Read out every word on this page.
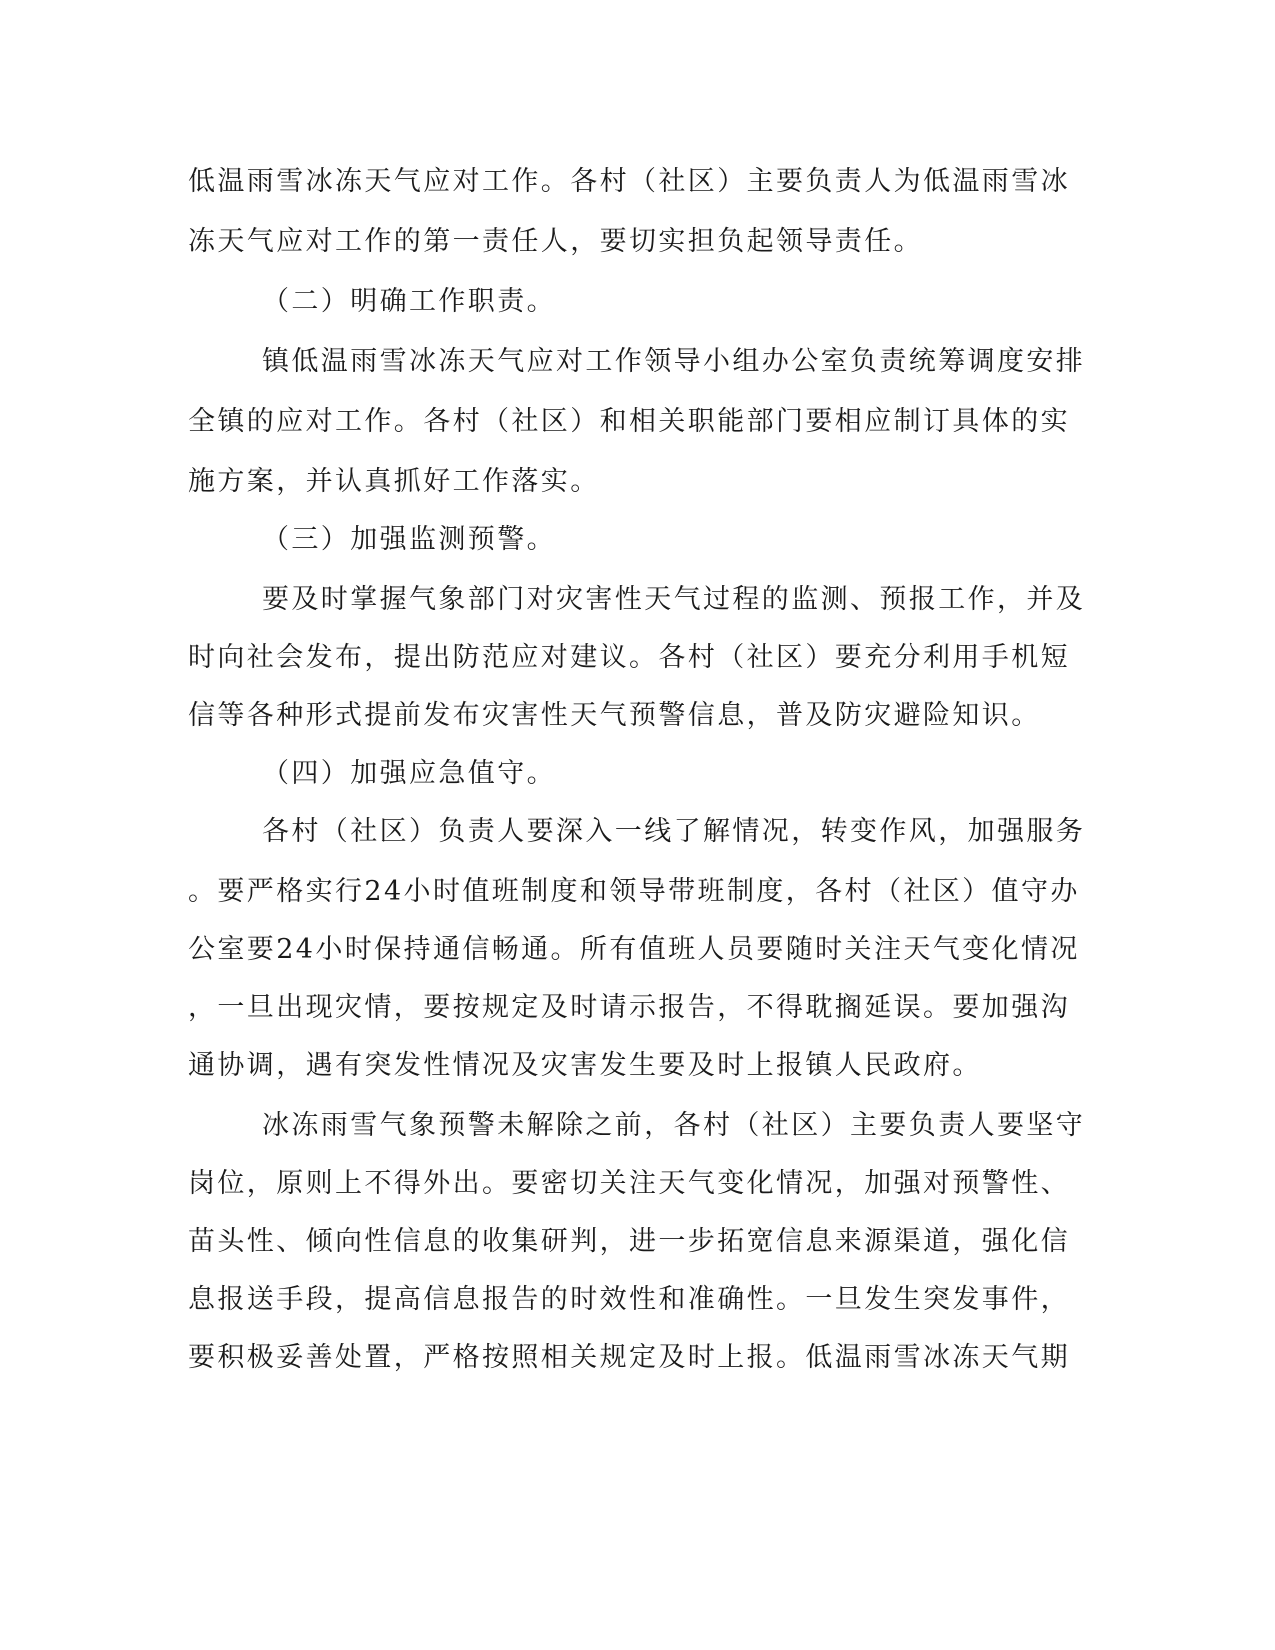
低温雨雪冰冻天气应对工作。各村（社区）主要负责人为低温雨雪冰
冻天气应对工作的第一责任人，要切实担负起领导责任。
（二）明确工作职责。
镇低温雨雪冰冻天气应对工作领导小组办公室负责统筹调度安排
全镇的应对工作。各村（社区）和相关职能部门要相应制订具体的实
施方案，并认真抓好工作落实。
（三）加强监测预警。
要及时掌握气象部门对灾害性天气过程的监测、预报工作，并及
时向社会发布，提出防范应对建议。各村（社区）要充分利用手机短
信等各种形式提前发布灾害性天气预警信息，普及防灾避险知识。
（四）加强应急值守。
各村（社区）负责人要深入一线了解情况，转变作风，加强服务
。要严格实行24小时值班制度和领导带班制度，各村（社区）值守办
公室要24小时保持通信畅通。所有值班人员要随时关注天气变化情况
，一旦出现灾情，要按规定及时请示报告，不得耽搁延误。要加强沟
通协调，遇有突发性情况及灾害发生要及时上报镇人民政府。
冰冻雨雪气象预警未解除之前，各村（社区）主要负责人要坚守
岗位，原则上不得外出。要密切关注天气变化情况，加强对预警性、
苗头性、倾向性信息的收集研判，进一步拓宽信息来源渠道，强化信
息报送手段，提高信息报告的时效性和准确性。一旦发生突发事件，
要积极妥善处置，严格按照相关规定及时上报。低温雨雪冰冻天气期
